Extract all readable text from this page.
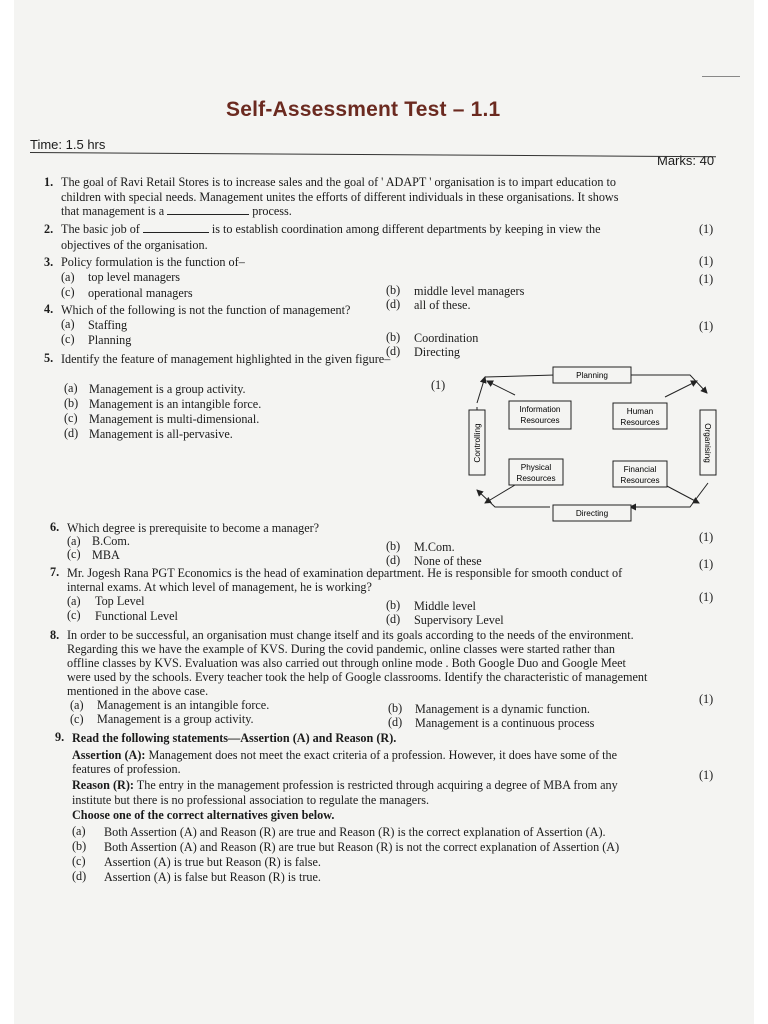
Self-Assessment Test – 1.1
Time: 1.5 hrs
Marks: 40
1. The goal of Ravi Retail Stores is to increase sales and the goal of ' ADAPT ' organisation is to impart education to
children with special needs. Management unites the efforts of different individuals in these organisations. It shows
that management is a	process.
(1)
2. The basic job of	is to establish coordination among different departments by keeping in view the
objectives of the organisation.
(1)
3. Policy formulation is the function of–
(1)
(a) top level managers
(b) middle level managers
(c) operational managers
(d) all of these.
4. Which of the following is not the function of management?
(1)
(a) Staffing
(b) Coordination
(c) Planning
(d) Directing
5. Identify the feature of management highlighted in the given figure–
(1)
(a) Management is a group activity.
(b) Management is an intangible force.
(c) Management is multi-dimensional.
(d) Management is all-pervasive.
Planning
Directing
Controlling	Organising
Information
Resources
Human
Resources
Physical
Resources
Financial
Resources
6. Which degree is prerequisite to become a manager?
(1)
(a) B.Com.	(b) M.Com.
(c) MBA	(d) None of these	(1)
7. Mr. Jogesh Rana PGT Economics is the head of examination department. He is responsible for smooth conduct of
internal exams. At which level of management, he is working?
(1)
(a) Top Level	(b) Middle level
(c) Functional Level	(d) Supervisory Level
8. In order to be successful, an organisation must change itself and its goals according to the needs of the environment.
Regarding this we have the example of KVS. During the covid pandemic, online classes were started rather than
offline classes by KVS. Evaluation was also carried out through online mode . Both Google Duo and Google Meet
were used by the schools. Every teacher took the help of Google classrooms. Identify the characteristic of management
mentioned in the above case.
(1)
(a) Management is an intangible force.	(b) Management is a dynamic function.
(c) Management is a group activity.	(d) Management is a continuous process
9. Read the following statements—Assertion (A) and Reason (R).
Assertion (A): Management does not meet the exact criteria of a profession. However, it does have some of the
features of profession.	(1)
Reason (R): The entry in the management profession is restricted through acquiring a degree of MBA from any
institute but there is no professional association to regulate the managers.
Choose one of the correct alternatives given below.
(a) Both Assertion (A) and Reason (R) are true and Reason (R) is the correct explanation of Assertion (A).
(b) Both Assertion (A) and Reason (R) are true but Reason (R) is not the correct explanation of Assertion (A)
(c) Assertion (A) is true but Reason (R) is false.
(d) Assertion (A) is false but Reason (R) is true.
